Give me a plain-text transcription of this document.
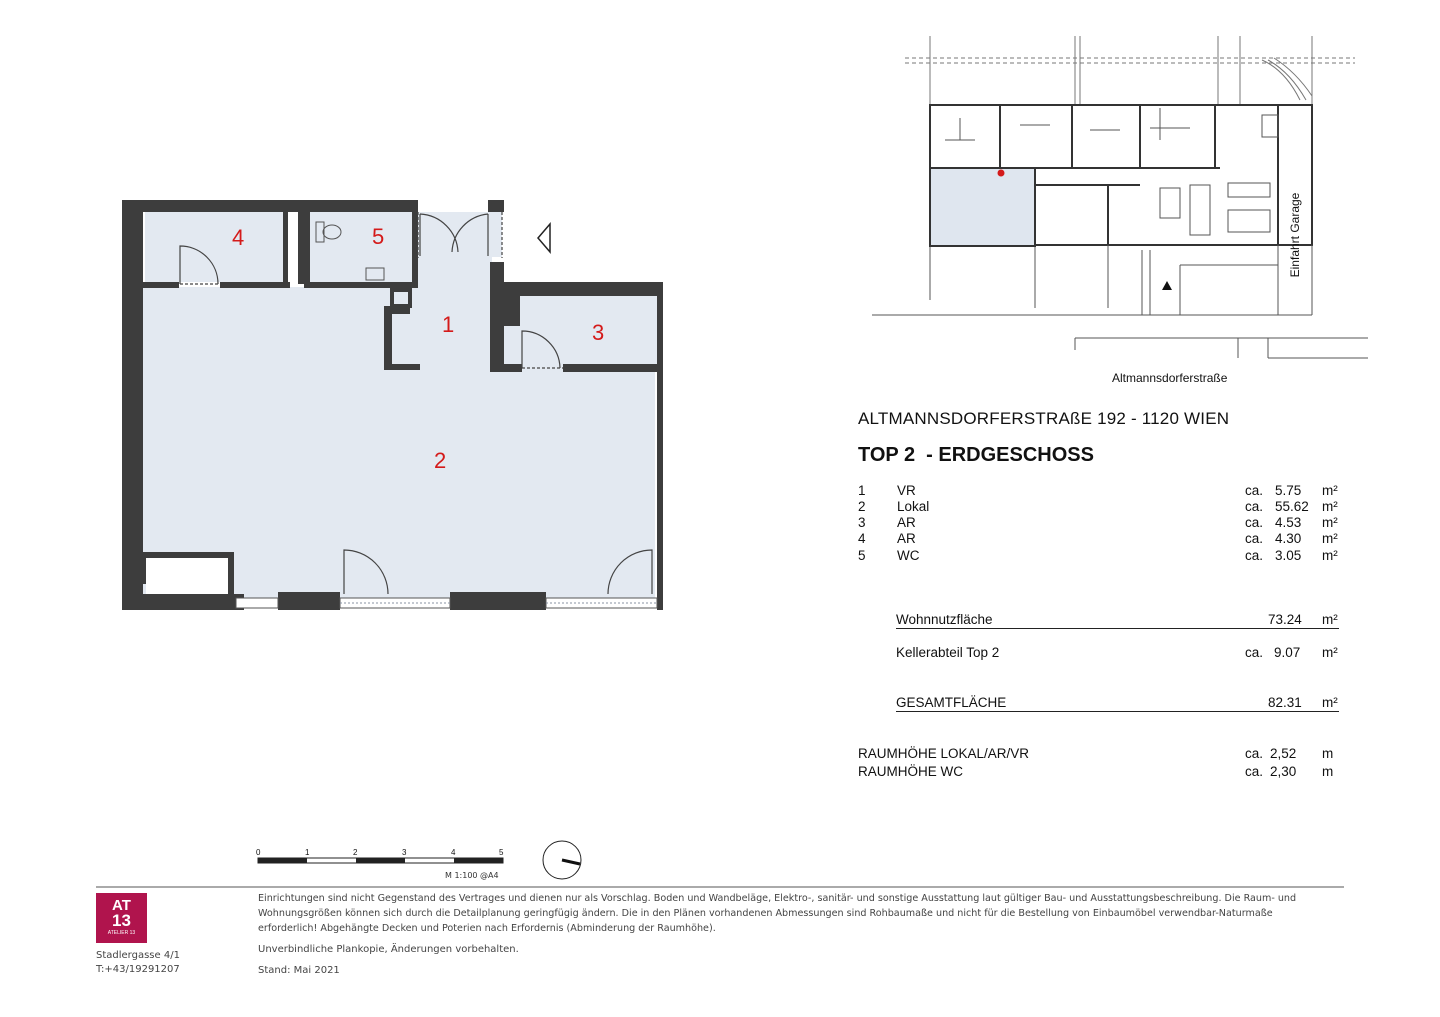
1
2
3
4	5
Altmannsdorferstraße
Einfahrt Garage
ALTMANNSDORFERSTRAßE 192 - 1120 WIEN
TOP 2  - ERDGESCHOSS
1 VR	ca. 5.75 m²
2 Lokal	ca. 55.62 m²
3 AR	ca. 4.53 m²
4 AR	ca. 4.30 m²
5 WC	ca. 3.05 m²
Wohnnutzfläche	73.24 m²
Kellerabteil Top 2	ca. 9.07 m²
GESAMTFLÄCHE	82.31 m²
RAUMHÖHE LOKAL/AR/VR	ca. 2,52 m
RAUMHÖHE WC	ca. 2,30 m
0	1	2	3	4	5
M 1:100 @A4
AT
13
ATELIER 13
Stadlergasse 4/1
T:+43/19291207
Einrichtungen sind nicht Gegenstand des Vertrages und dienen nur als Vorschlag. Boden und Wandbeläge, Elektro-, sanitär- und sonstige Ausstattung laut gültiger Bau- und Ausstattungsbeschreibung. Die Raum- und
Wohnungsgrößen können sich durch die Detailplanung geringfügig ändern. Die in den Plänen vorhandenen Abmessungen sind Rohbaumaße und nicht für die Bestellung von Einbaumöbel verwendbar-Naturmaße
erforderlich! Abgehängte Decken und Poterien nach Erfordernis (Abminderung der Raumhöhe).
Unverbindliche Plankopie, Änderungen vorbehalten.
Stand: Mai 2021
